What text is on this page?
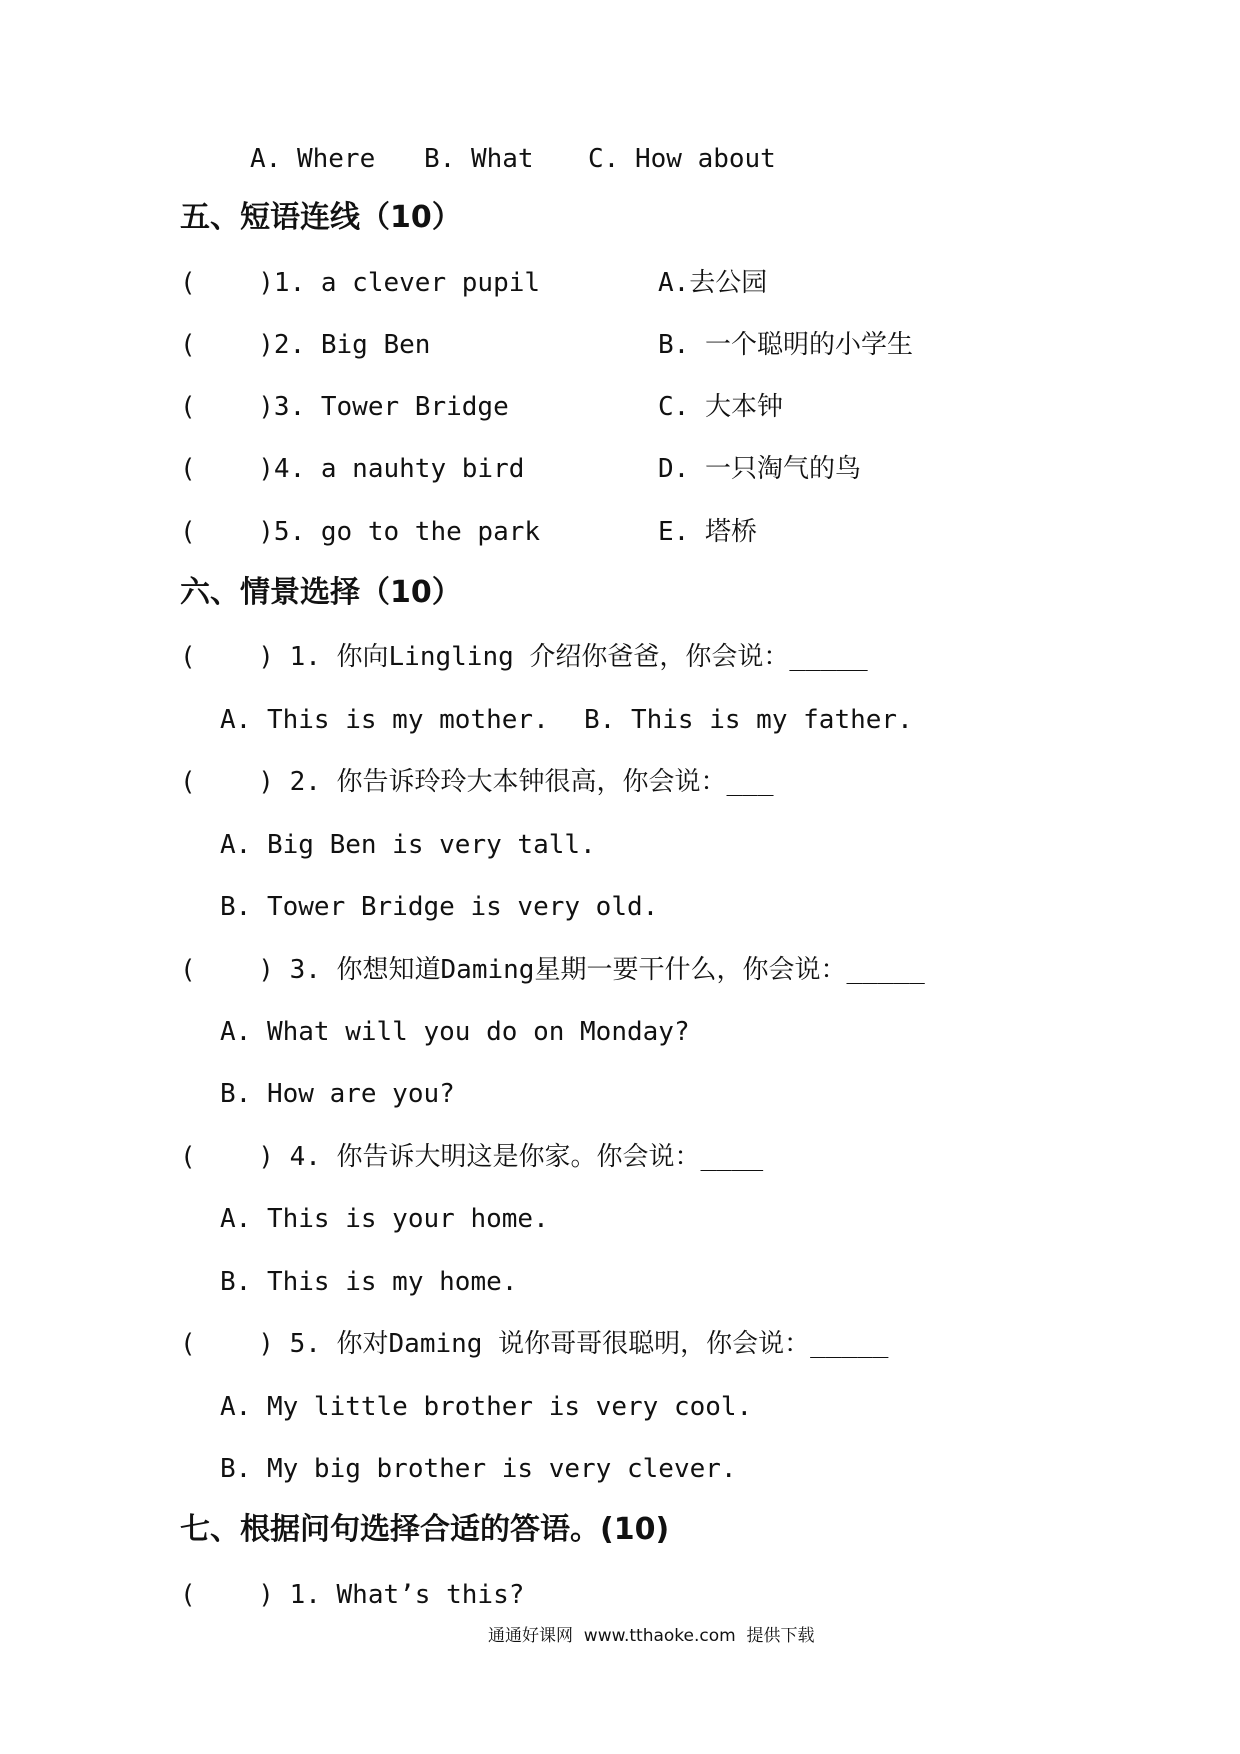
A. Where B. What C. How about
五、短语连线（10）
(    )1. a clever pupil	A.去公园
(    )2. Big Ben	B. 一个聪明的小学生
(    )3. Tower Bridge	C. 大本钟
(    )4. a nauhty bird	D. 一只淘气的鸟
(    )5. go to the park	E. 塔桥
六、情景选择（10）
(    ) 1. 你向Lingling 介绍你爸爸，你会说：_____
A. This is my mother. B. This is my father.
(    ) 2. 你告诉玲玲大本钟很高，你会说：___
A. Big Ben is very tall.
B. Tower Bridge is very old.
(    ) 3. 你想知道Daming星期一要干什么，你会说：_____
A. What will you do on Monday?
B. How are you?
(    ) 4. 你告诉大明这是你家。你会说：____
A. This is your home.
B. This is my home.
(    ) 5. 你对Daming 说你哥哥很聪明，你会说：_____
A. My little brother is very cool.
B. My big brother is very clever.
七、根据问句选择合适的答语。(10)
(    ) 1. What’s this?
通通好课网  www.tthaoke.com  提供下载
